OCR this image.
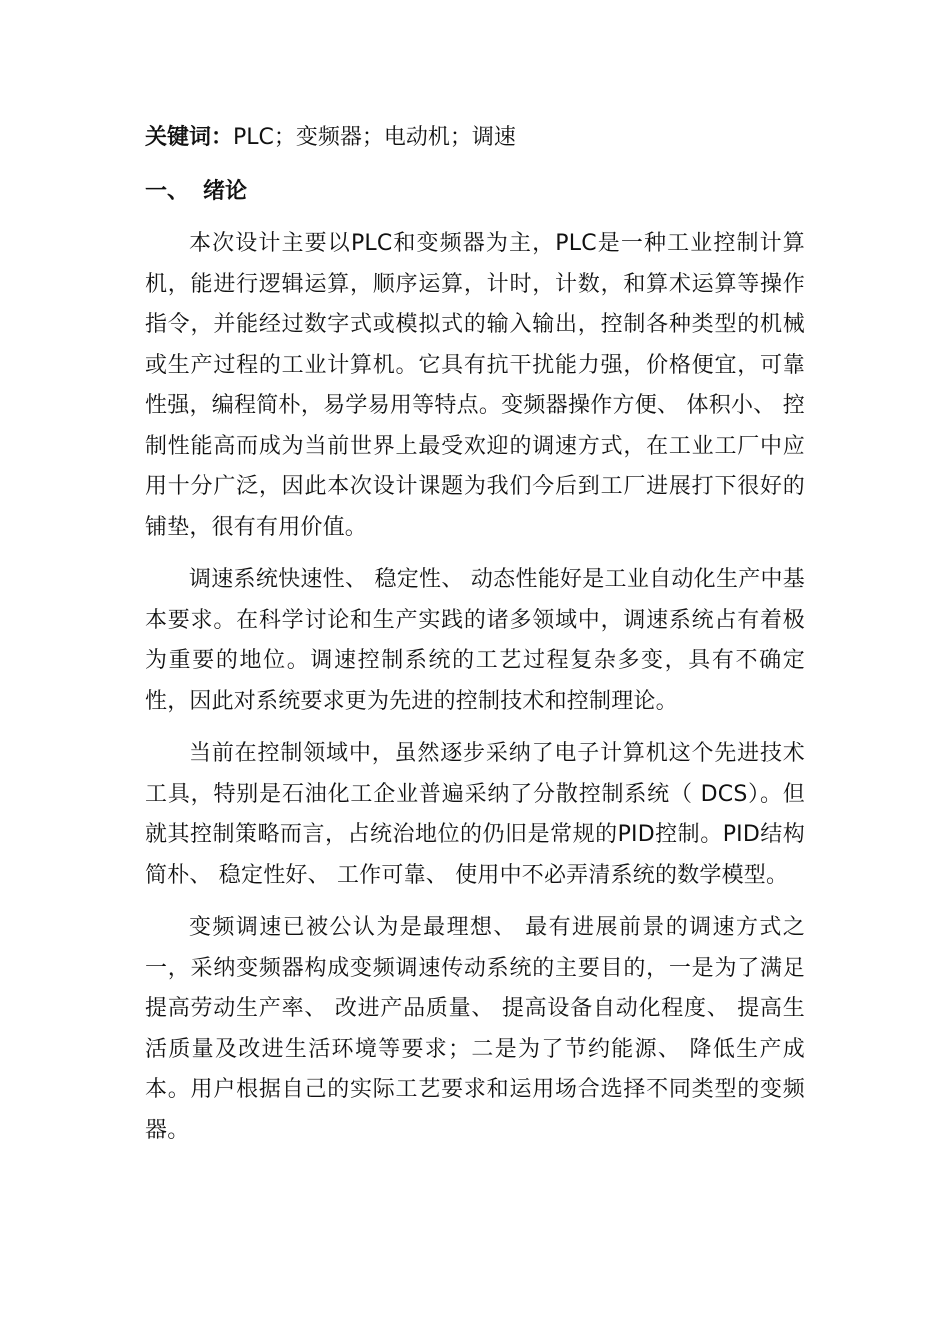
关键词：PLC；变频器；电动机；调速
一、 绪论

本次设计主要以PLC和变频器为主，PLC是一种工业控制计算机，能进行逻辑运算，顺序运算，计时，计数，和算术运算等操作指令，并能经过数字式或模拟式的输入输出，控制各种类型的机械或生产过程的工业计算机。它具有抗干扰能力强，价格便宜，可靠性强，编程简朴，易学易用等特点。变频器操作方便、 体积小、 控制性能高而成为当前世界上最受欢迎的调速方式，在工业工厂中应用十分广泛，因此本次设计课题为我们今后到工厂进展打下很好的铺垫，很有有用价值。

调速系统快速性、 稳定性、 动态性能好是工业自动化生产中基本要求。在科学讨论和生产实践的诸多领域中，调速系统占有着极为重要的地位。调速控制系统的工艺过程复杂多变，具有不确定性，因此对系统要求更为先进的控制技术和控制理论。

当前在控制领域中，虽然逐步采纳了电子计算机这个先进技术工具，特别是石油化工企业普遍采纳了分散控制系统（ DCS）。但就其控制策略而言，占统治地位的仍旧是常规的PID控制。PID结构简朴、 稳定性好、 工作可靠、 使用中不必弄清系统的数学模型。

变频调速已被公认为是最理想、 最有进展前景的调速方式之一，采纳变频器构成变频调速传动系统的主要目的，一是为了满足提高劳动生产率、 改进产品质量、 提高设备自动化程度、 提高生活质量及改进生活环境等要求；二是为了节约能源、 降低生产成本。用户根据自己的实际工艺要求和运用场合选择不同类型的变频器。
